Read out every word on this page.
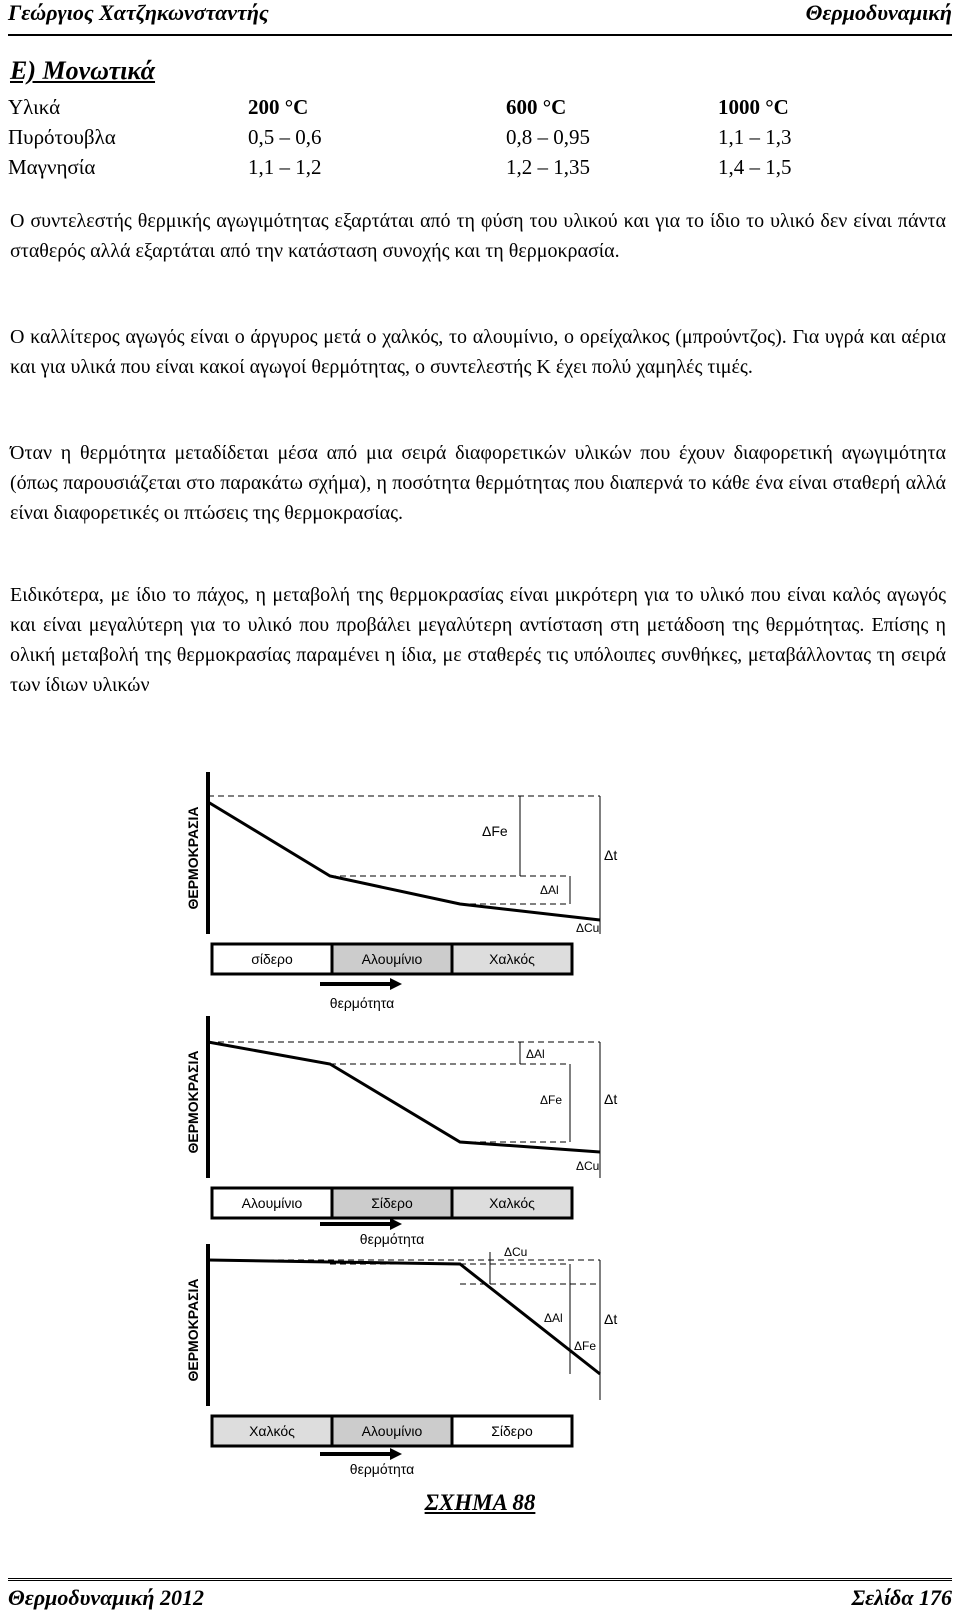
Γεώργιος Χατζηκωνσταντής	Θερμοδυναμική
Ε) Μονωτικά
Υλικά	200 °C	600 °C	1000 °C
Πυρότουβλα	0,5 – 0,6	0,8 – 0,95	1,1 – 1,3
Μαγνησία	1,1 – 1,2	1,2 – 1,35	1,4 – 1,5

Ο συντελεστής θερμικής αγωγιμότητας εξαρτάται από τη φύση του υλικού και για το ίδιο το υλικό δεν είναι πάντα σταθερός αλλά εξαρτάται από την κατάσταση συνοχής και τη θερμοκρασία.

Ο καλλίτερος αγωγός είναι ο άργυρος μετά ο χαλκός, το αλουμίνιο, ο ορείχαλκος (μπρούντζος). Για υγρά και αέρια και για υλικά που είναι κακοί αγωγοί θερμότητας, ο συντελεστής Κ έχει πολύ χαμηλές τιμές.

Όταν η θερμότητα μεταδίδεται μέσα από μια σειρά διαφορετικών υλικών που έχουν διαφορετική αγωγιμότητα (όπως παρουσιάζεται στο παρακάτω σχήμα), η ποσότητα θερμότητας που διαπερνά το κάθε ένα είναι σταθερή αλλά είναι διαφορετικές οι πτώσεις της θερμοκρασίας.

Ειδικότερα, με ίδιο το πάχος, η μεταβολή της θερμοκρασίας είναι μικρότερη για το υλικό που είναι καλός αγωγός και είναι μεγαλύτερη για το υλικό που προβάλει μεγαλύτερη αντίσταση στη μετάδοση της θερμότητας. Επίσης η ολική μεταβολή της θερμοκρασίας παραμένει η ίδια, με σταθερές τις υπόλοιπες συνθήκες, μεταβάλλοντας τη σειρά των ίδιων υλικών

ΘΕΡΜΟΚΡΑΣΙΑ	ΔFe
ΔAl
ΔCu
Δt
σίδερο	Αλουμίνιο	Χαλκός
θερμότητα
ΘΕΡΜΟΚΡΑΣΙΑ	ΔAl
ΔFe
ΔCu
Δt
Αλουμίνιο	Σίδερο	Χαλκός
θερμότητα
ΘΕΡΜΟΚΡΑΣΙΑ
ΔCu
ΔAl
ΔFe
Δt
Χαλκός	Αλουμίνιο	Σίδερο
θερμότητα
ΣΧΗΜΑ 88
Θερμοδυναμική 2012	Σελίδα 176
